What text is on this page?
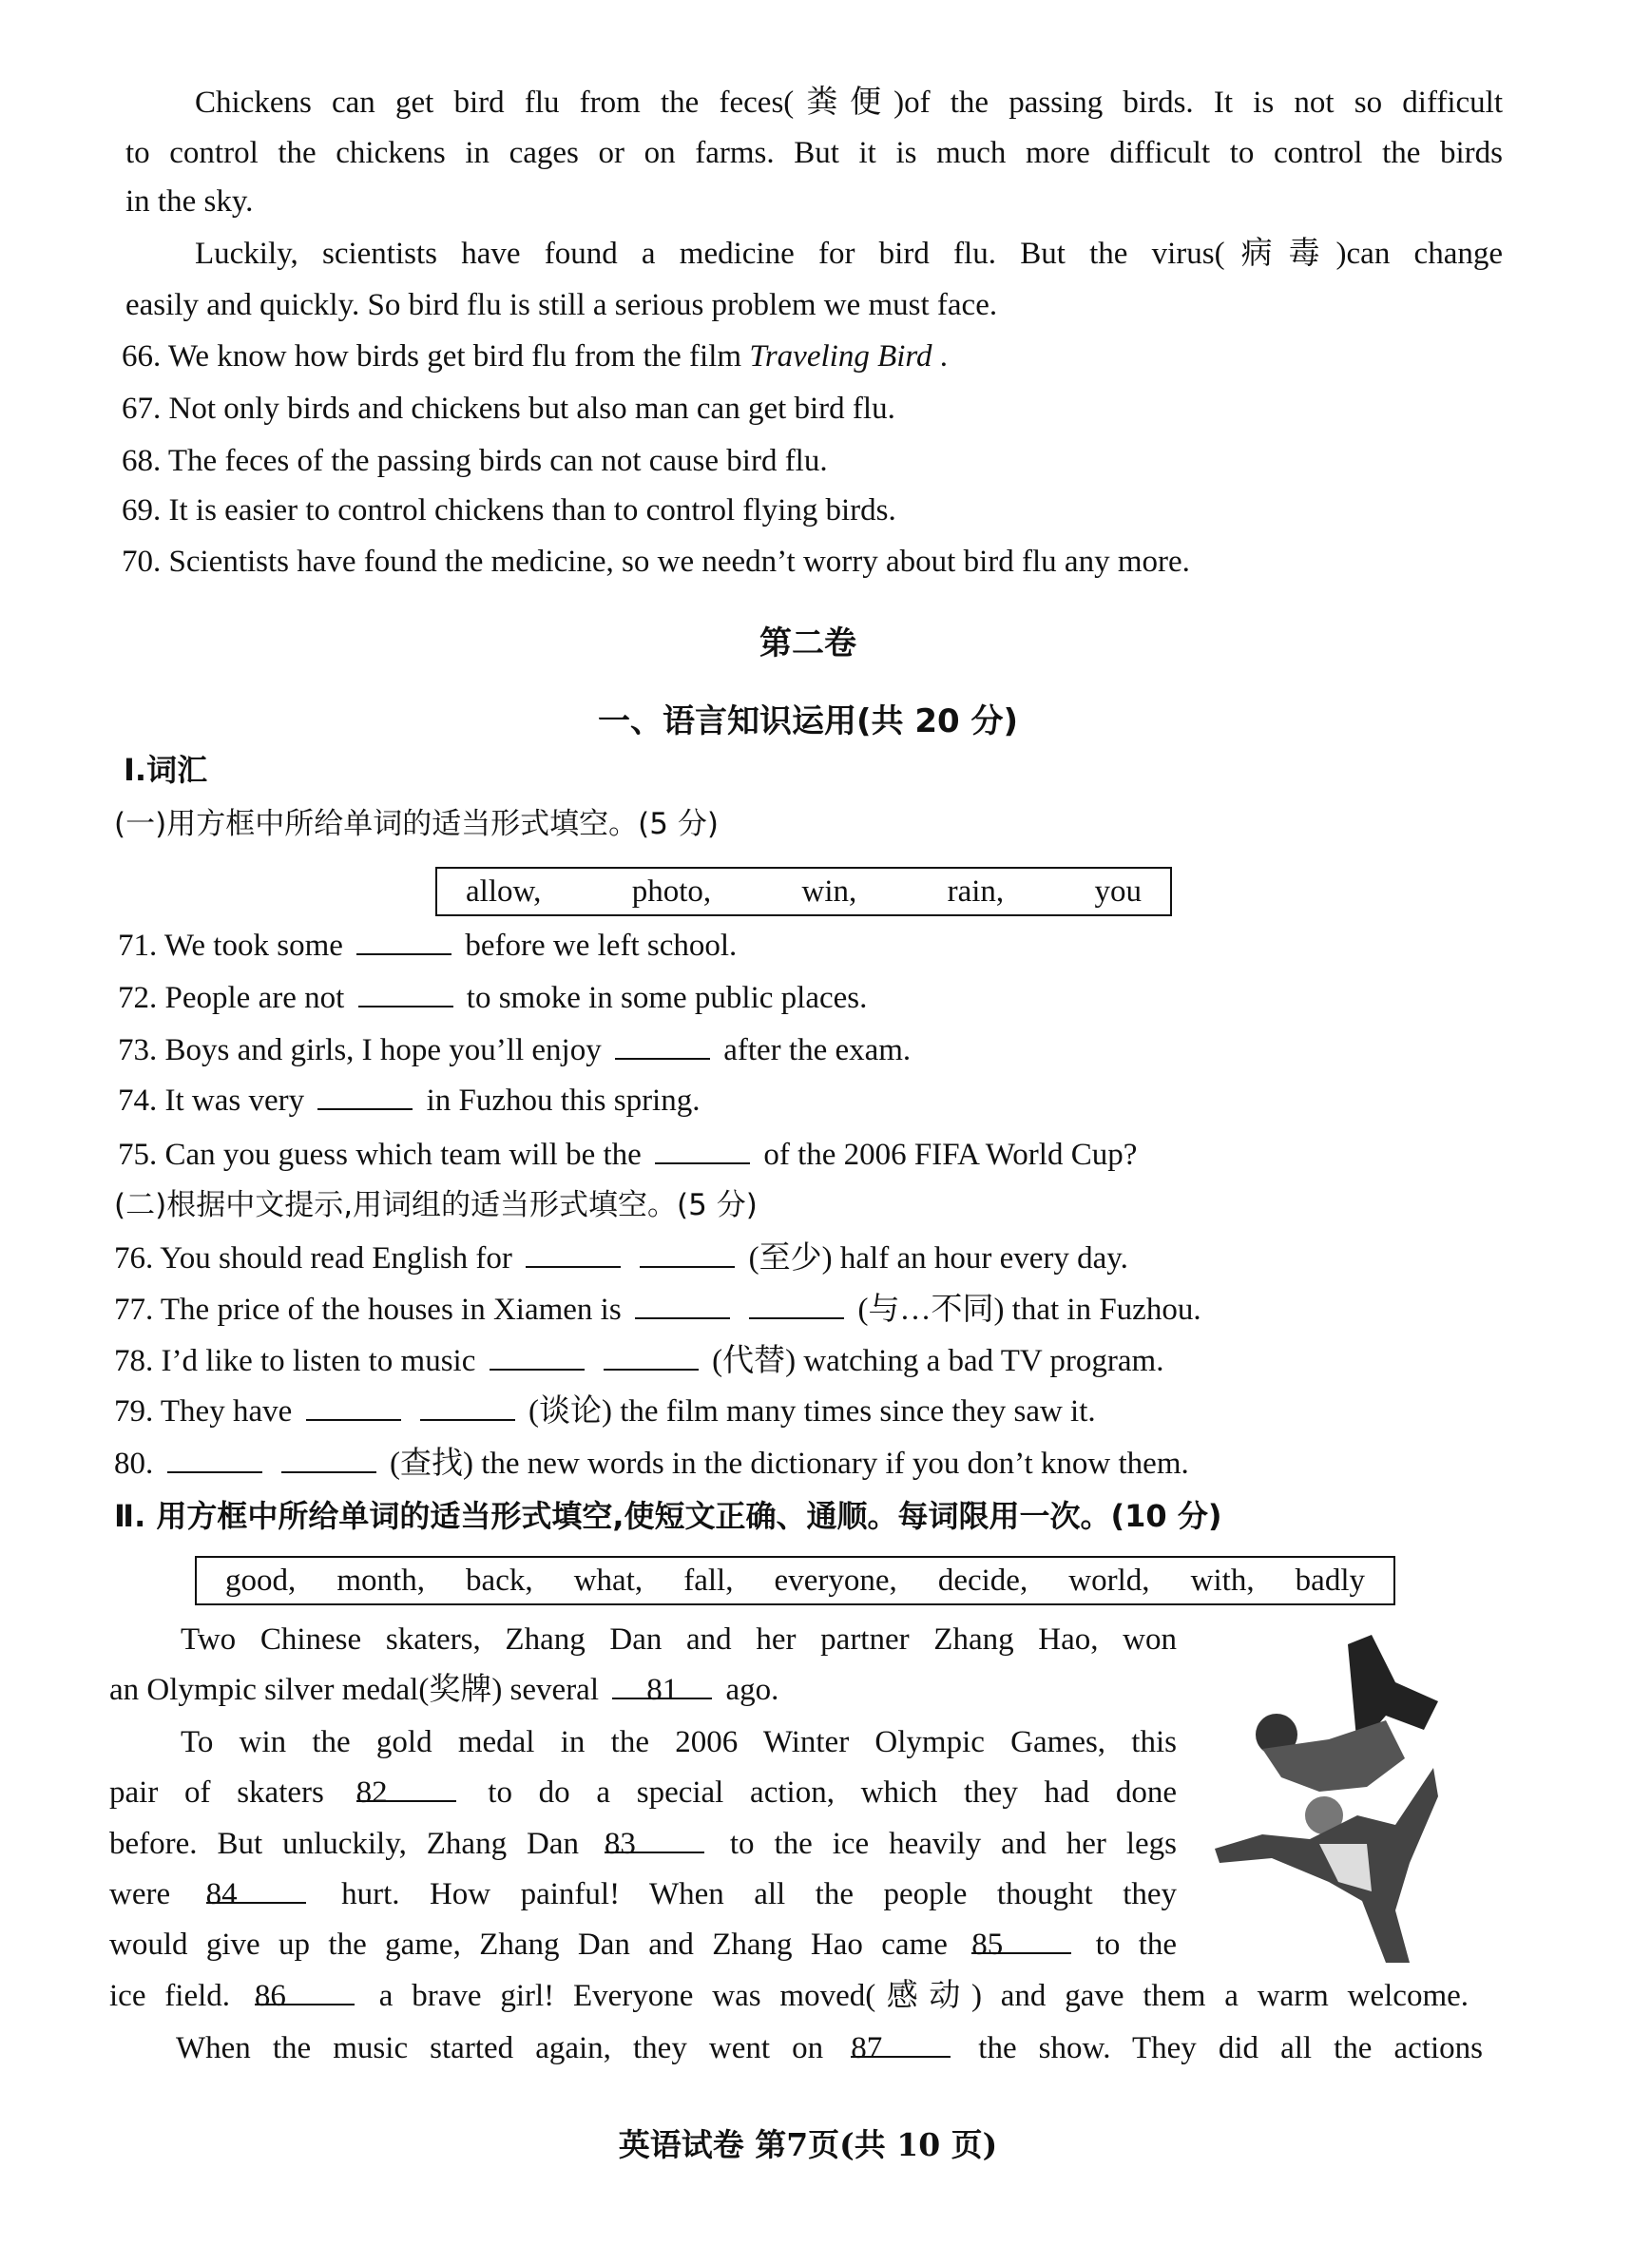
Chickens can get bird flu from the feces(粪便)of the passing birds. It is not so difficult
to control the chickens in cages or on farms. But it is much more difficult to control the birds
in the sky.
Luckily, scientists have found a medicine for bird flu. But the virus(病毒)can change
easily and quickly. So bird flu is still a serious problem we must face.
66. We know how birds get bird flu from the film Traveling Bird .
67. Not only birds and chickens but also man can get bird flu.
68. The feces of the passing birds can not cause bird flu.
69. It is easier to control chickens than to control flying birds.
70. Scientists have found the medicine, so we needn’t worry about bird flu any more.
第二卷
一、语言知识运用(共 20 分)
Ⅰ.词汇
(一)用方框中所给单词的适当形式填空。(5 分)
allow, photo, win, rain, you
71. We took some	before we left school.
72. People are not	to smoke in some public places.
73. Boys and girls, I hope you’ll enjoy	after the exam.
74. It was very	in Fuzhou this spring.
75. Can you guess which team will be the	of the 2006 FIFA World Cup?
(二)根据中文提示,用词组的适当形式填空。(5 分)
76. You should read English for	(至少) half an hour every day.
77. The price of the houses in Xiamen is	(与…不同) that in Fuzhou.
78. I’d like to listen to music	(代替) watching a bad TV program.
79. They have	(谈论) the film many times since they saw it.
80.	(查找) the new words in the dictionary if you don’t know them.
Ⅱ. 用方框中所给单词的适当形式填空,使短文正确、通顺。每词限用一次。(10 分)
good, month, back, what, fall, everyone, decide, world, with, badly
Two Chinese skaters, Zhang Dan and her partner Zhang Hao, won
an Olympic silver medal(奖牌) several 81 ago.
To win the gold medal in the 2006 Winter Olympic Games, this
pair of skaters 82	to do a special action, which they had done
before. But unluckily, Zhang Dan 83	to the ice heavily and her legs
were 84	hurt. How painful! When all the people thought they
would give up the game, Zhang Dan and Zhang Hao came 85	to the
ice field. 86	a brave girl! Everyone was moved(感动) and gave them a warm welcome.
When the music started again, they went on 87	the show. They did all the actions
英语试卷 第7页(共 10 页)
